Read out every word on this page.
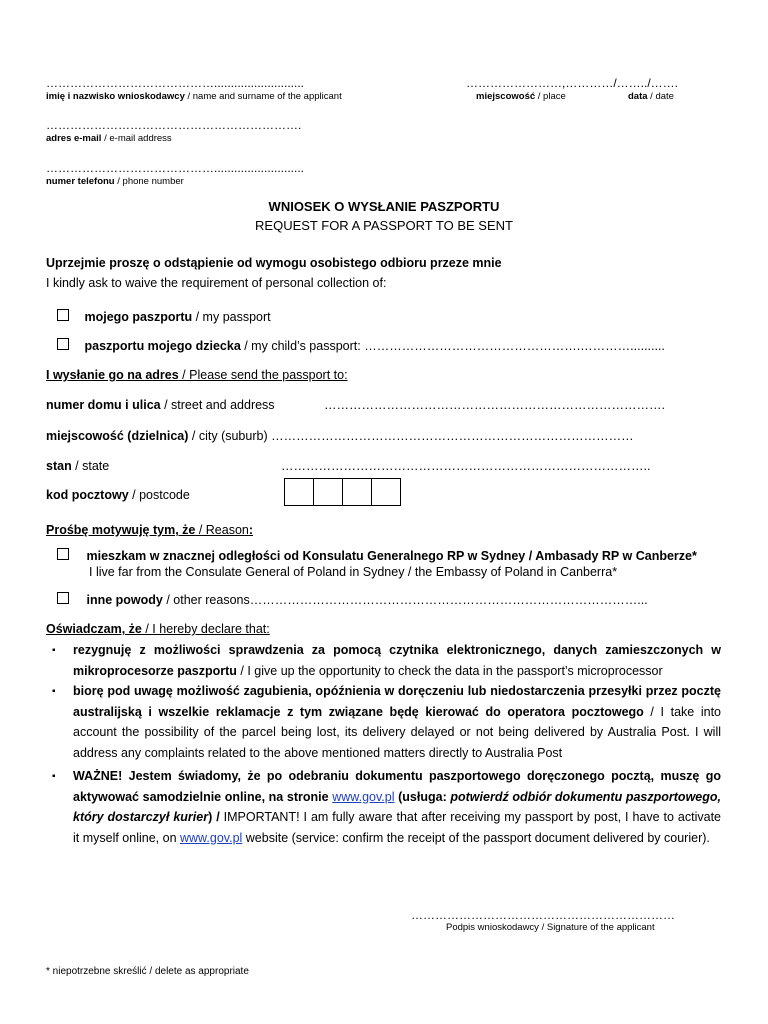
……………………………………...........................
imię i nazwisko wnioskodawcy / name and surname of the applicant
……………………,…………/……../…….
miejscowość / place	data / date
……………………………………………………….
adres e-mail / e-mail address
……………………………………...........................
numer telefonu / phone number
WNIOSEK O WYSŁANIE PASZPORTU
REQUEST FOR A PASSPORT TO BE SENT
Uprzejmie proszę o odstąpienie od wymogu osobistego odbioru przeze mnie
I kindly ask to waive the requirement of personal collection of:
mojego paszportu / my passport
paszportu mojego dziecka / my child’s passport: …………………………………………….…………..........
I wysłanie go na adres / Please send the passport to:
numer domu i ulica / street and address	……………………………………………………………………….
miejscowość (dzielnica) / city (suburb) ……………………………………………………………………………
stan / state	……………………………………………………………………………..
kod pocztowy / postcode
Prośbę motywuję tym, że / Reason:
mieszkam w znacznej odległości od Konsulatu Generalnego RP w Sydney / Ambasady RP w Canberze*
I live far from the Consulate General of Poland in Sydney / the Embassy of Poland in Canberra*
inne powody / other reasons…………………………………………………………………………………...
Oświadczam, że / I hereby declare that:
▪ rezygnuję z możliwości sprawdzenia za pomocą czytnika elektronicznego, danych zamieszczonych w mikroprocesorze paszportu / I give up the opportunity to check the data in the passport’s microprocessor
▪ biorę pod uwagę możliwość zagubienia, opóźnienia w doręczeniu lub niedostarczenia przesyłki przez pocztę australijską i wszelkie reklamacje z tym związane będę kierować do operatora pocztowego / I take into account the possibility of the parcel being lost, its delivery delayed or not being delivered by Australia Post. I will address any complaints related to the above mentioned matters directly to Australia Post
▪ WAŻNE! Jestem świadomy, że po odebraniu dokumentu paszportowego doręczonego pocztą, muszę go aktywować samodzielnie online, na stronie www.gov.pl (usługa: potwierdź odbiór dokumentu paszportowego, który dostarczył kurier) / IMPORTANT! I am fully aware that after receiving my passport by post, I have to activate it myself online, on www.gov.pl website (service: confirm the receipt of the passport document delivered by courier).
…………………………………………………………
Podpis wnioskodawcy / Signature of the applicant
* niepotrzebne skreślić / delete as appropriate
